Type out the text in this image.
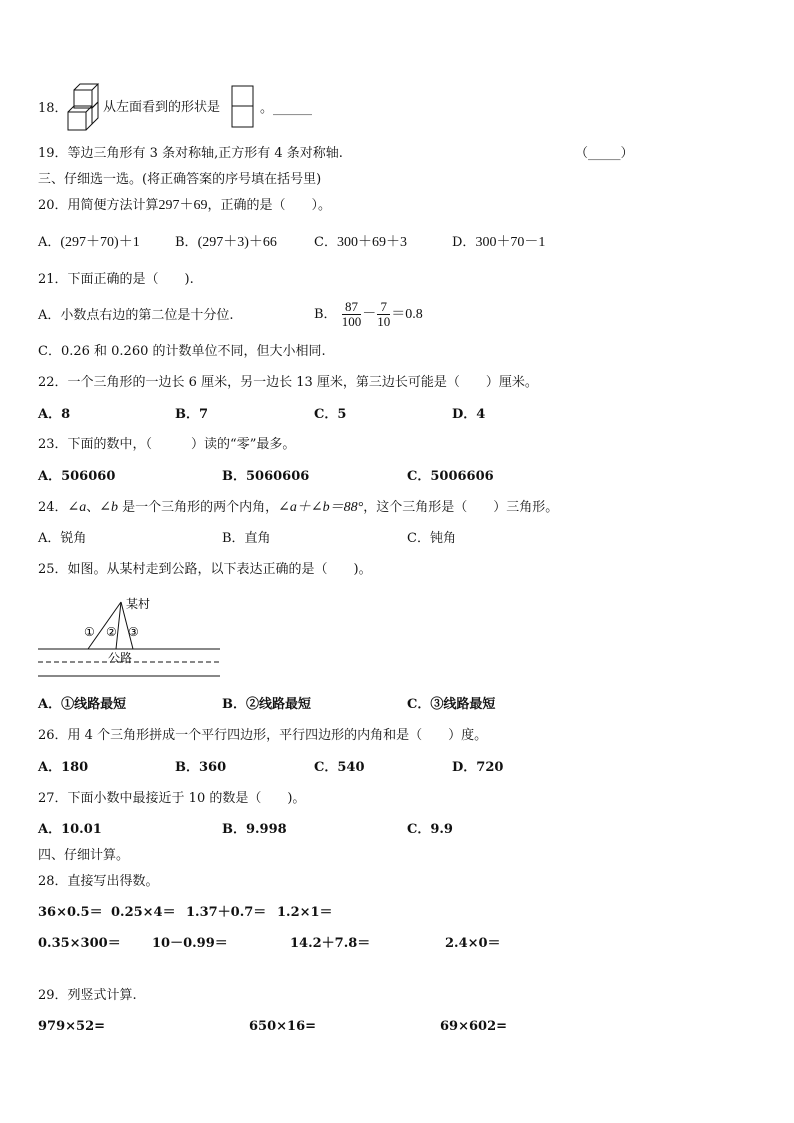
18．	从左面看到的形状是	。______
19．等边三角形有 3 条对称轴,正方形有 4 条对称轴.	（_____）
三、仔细选一选。(将正确答案的序号填在括号里)
20．用简便方法计算297＋69，正确的是（　　）。
A．(297＋70)＋1	B．(297＋3)＋66	C．300＋69＋3	D．300＋70－1
21．下面正确的是（　　).
A．小数点右边的第二位是十分位.	B． $\frac{87}{100} - \frac{7}{10} =0.8$
C．0.26 和 0.260 的计数单位不同，但大小相同.
22．一个三角形的一边长 6 厘米，另一边长 13 厘米，第三边长可能是（　　）厘米。
A．8	B．7	C．5	D．4
23．下面的数中，（　　　）读的“零”最多。
A．506060	B．5060606	C．5006606
24．∠a、∠b 是一个三角形的两个内角，∠a＋∠b＝88°，这个三角形是（　　）三角形。
A．锐角	B．直角	C．钝角
25．如图。从某村走到公路，以下表达正确的是（　　)。
某村
公路
① ② ③
A．①线路最短	B．②线路最短	C．③线路最短
26．用 4 个三角形拼成一个平行四边形，平行四边形的内角和是（　　）度。
A．180	B．360	C．540	D．720
27．下面小数中最接近于 10 的数是（　　)。
A．10.01	B．9.998	C．9.9
四、仔细计算。
28．直接写出得数。
36×0.5＝ 0.25×4＝ 1.37＋0.7＝ 1.2×1＝
0.35×300＝ 10－0.99＝	14.2＋7.8＝	2.4×0＝
29．列竖式计算.
979×52=	650×16=	69×602=
